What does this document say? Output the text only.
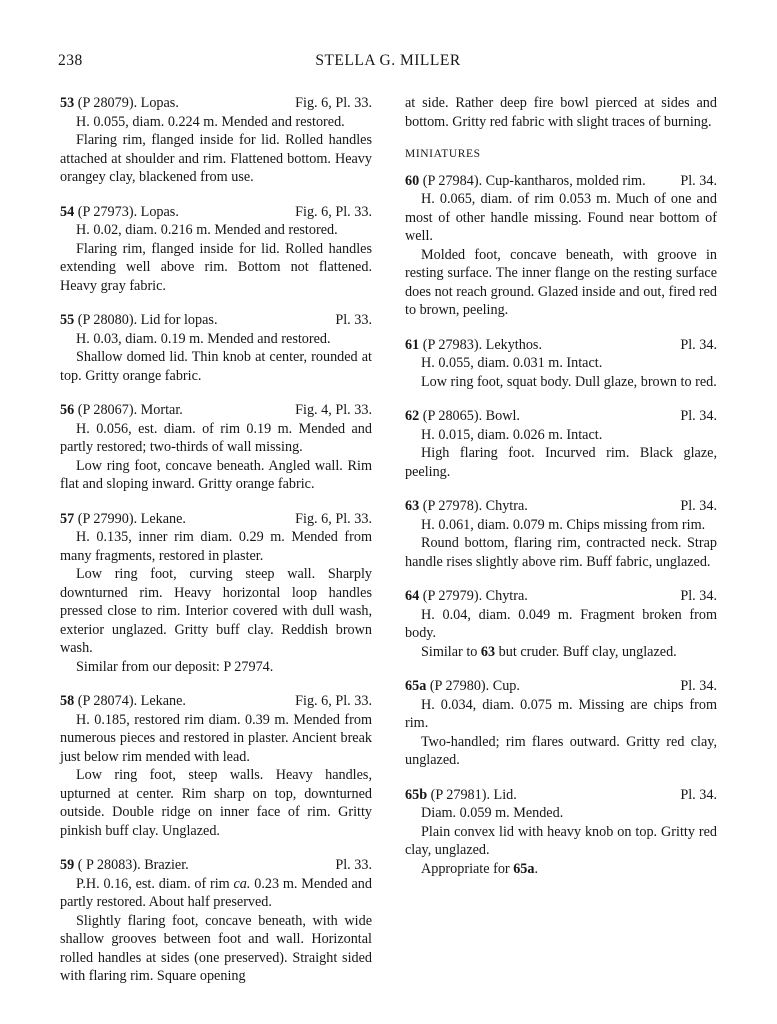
238	STELLA G. MILLER
53 (P 28079). Lopas.	Fig. 6, Pl. 33.

H. 0.055, diam. 0.224 m. Mended and restored.

Flaring rim, flanged inside for lid. Rolled handles attached at shoulder and rim. Flattened bottom. Heavy orangey clay, blackened from use.

54 (P 27973). Lopas.	Fig. 6, Pl. 33.

H. 0.02, diam. 0.216 m. Mended and restored.

Flaring rim, flanged inside for lid. Rolled handles extending well above rim. Bottom not flattened. Heavy gray fabric.

55 (P 28080). Lid for lopas.	Pl. 33.

H. 0.03, diam. 0.19 m. Mended and restored.

Shallow domed lid. Thin knob at center, rounded at top. Gritty orange fabric.

56 (P 28067). Mortar.	Fig. 4, Pl. 33.

H. 0.056, est. diam. of rim 0.19 m. Mended and partly restored; two-thirds of wall missing.

Low ring foot, concave beneath. Angled wall. Rim flat and sloping inward. Gritty orange fabric.

57 (P 27990). Lekane.	Fig. 6, Pl. 33.

H. 0.135, inner rim diam. 0.29 m. Mended from many fragments, restored in plaster.

Low ring foot, curving steep wall. Sharply downturned rim. Heavy horizontal loop handles pressed close to rim. Interior covered with dull wash, exterior unglazed. Gritty buff clay. Reddish brown wash.

Similar from our deposit: P 27974.

58 (P 28074). Lekane.	Fig. 6, Pl. 33.

H. 0.185, restored rim diam. 0.39 m. Mended from numerous pieces and restored in plaster. Ancient break just below rim mended with lead.

Low ring foot, steep walls. Heavy handles, upturned at center. Rim sharp on top, downturned outside. Double ridge on inner face of rim. Gritty pinkish buff clay. Unglazed.

59 ( P 28083). Brazier.	Pl. 33.

P.H. 0.16, est. diam. of rim ca. 0.23 m. Mended and partly restored. About half preserved.

Slightly flaring foot, concave beneath, with wide shallow grooves between foot and wall. Horizontal rolled handles at sides (one preserved). Straight sided with flaring rim. Square opening

at side. Rather deep fire bowl pierced at sides and bottom. Gritty red fabric with slight traces of burning.

MINIATURES
60 (P 27984). Cup-kantharos, molded rim. Pl. 34.

H. 0.065, diam. of rim 0.053 m. Much of one and most of other handle missing. Found near bottom of well.

Molded foot, concave beneath, with groove in resting surface. The inner flange on the resting surface does not reach ground. Glazed inside and out, fired red to brown, peeling.

61 (P 27983). Lekythos.	Pl. 34.

H. 0.055, diam. 0.031 m. Intact.

Low ring foot, squat body. Dull glaze, brown to red.

62 (P 28065). Bowl.	Pl. 34.

H. 0.015, diam. 0.026 m. Intact.

High flaring foot. Incurved rim. Black glaze, peeling.

63 (P 27978). Chytra.	Pl. 34.

H. 0.061, diam. 0.079 m. Chips missing from rim.

Round bottom, flaring rim, contracted neck. Strap handle rises slightly above rim. Buff fabric, unglazed.

64 (P 27979). Chytra.	Pl. 34.

H. 0.04, diam. 0.049 m. Fragment broken from body.

Similar to 63 but cruder. Buff clay, unglazed.

65a (P 27980). Cup.	Pl. 34.

H. 0.034, diam. 0.075 m. Missing are chips from rim.

Two-handled; rim flares outward. Gritty red clay, unglazed.

65b (P 27981). Lid.	Pl. 34.

Diam. 0.059 m. Mended.

Plain convex lid with heavy knob on top. Gritty red clay, unglazed.

Appropriate for 65a.
